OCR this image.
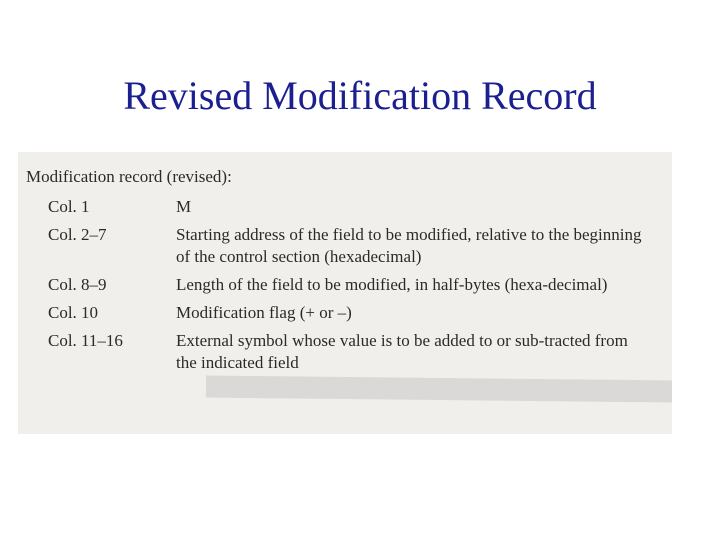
Revised Modification Record
Modification record (revised):
Col. 1	M
Col. 2–7	Starting address of the field to be modified, relative to the beginning of the control section (hexadecimal)
Col. 8–9	Length of the field to be modified, in half-bytes (hexa-decimal)
Col. 10	Modification flag (+ or –)
Col. 11–16	External symbol whose value is to be added to or sub-tracted from the indicated field
